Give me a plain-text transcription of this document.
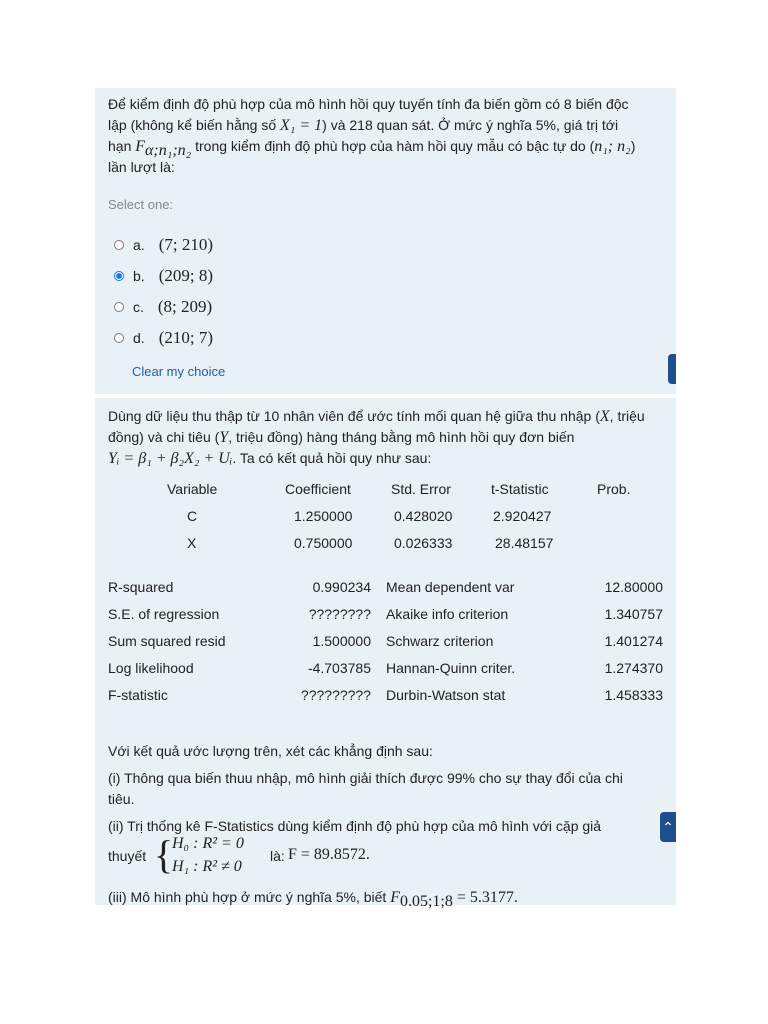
Để kiểm định độ phù hợp của mô hình hồi quy tuyến tính đa biến gồm có 8 biến độc

lập (không kể biến hằng số X₁ = 1) và 218 quan sát. Ở mức ý nghĩa 5%, giá trị tới

hạn $F_{\alpha;n_1;n_2}$ trong kiểm định độ phù hợp của hàm hồi quy mẫu có bậc tự do (n₁; n₂)

lần lượt là:

Select one:

a. (7; 210)
b. (209; 8)
c. (8; 209)
d. (210; 7)
Clear my choice

Dùng dữ liệu thu thập từ 10 nhân viên để ước tính mối quan hệ giữa thu nhập (X, triệu

đồng) và chi tiêu (Y, triệu đồng) hàng tháng bằng mô hình hồi quy đơn biến

Yᵢ = β₁ + β₂X₂ + Uᵢ. Ta có kết quả hồi quy như sau:

	Variable	Coefficient	Std. Error	t-Statistic	Prob.
	C	1.250000	0.428020	2.920427	
	X	0.750000	0.026333	28.48157	
R-squared	0.990234 Mean dependent var	12.80000
S.E. of regression	???????? Akaike info criterion	1.340757
Sum squared resid	1.500000 Schwarz criterion	1.401274
Log likelihood	-4.703785 Hannan-Quinn criter.	1.274370
F-statistic	????????? Durbin-Watson stat	1.458333

Với kết quả ước lượng trên, xét các khẳng định sau:

(i) Thông qua biến thuu nhập, mô hình giải thích được 99% cho sự thay đổi của chi

tiêu.

(ii) Trị thống kê F-Statistics dùng kiểm định độ phù hợp của mô hình với cặp giả

thuyết {
H₀ : R² = 0
H₁ : R² ≠ 0
là: F = 89.8572.

(iii) Mô hình phù hợp ở mức ý nghĩa 5%, biết $F_{0.05;1;8} = 5.3177$.

⌃
